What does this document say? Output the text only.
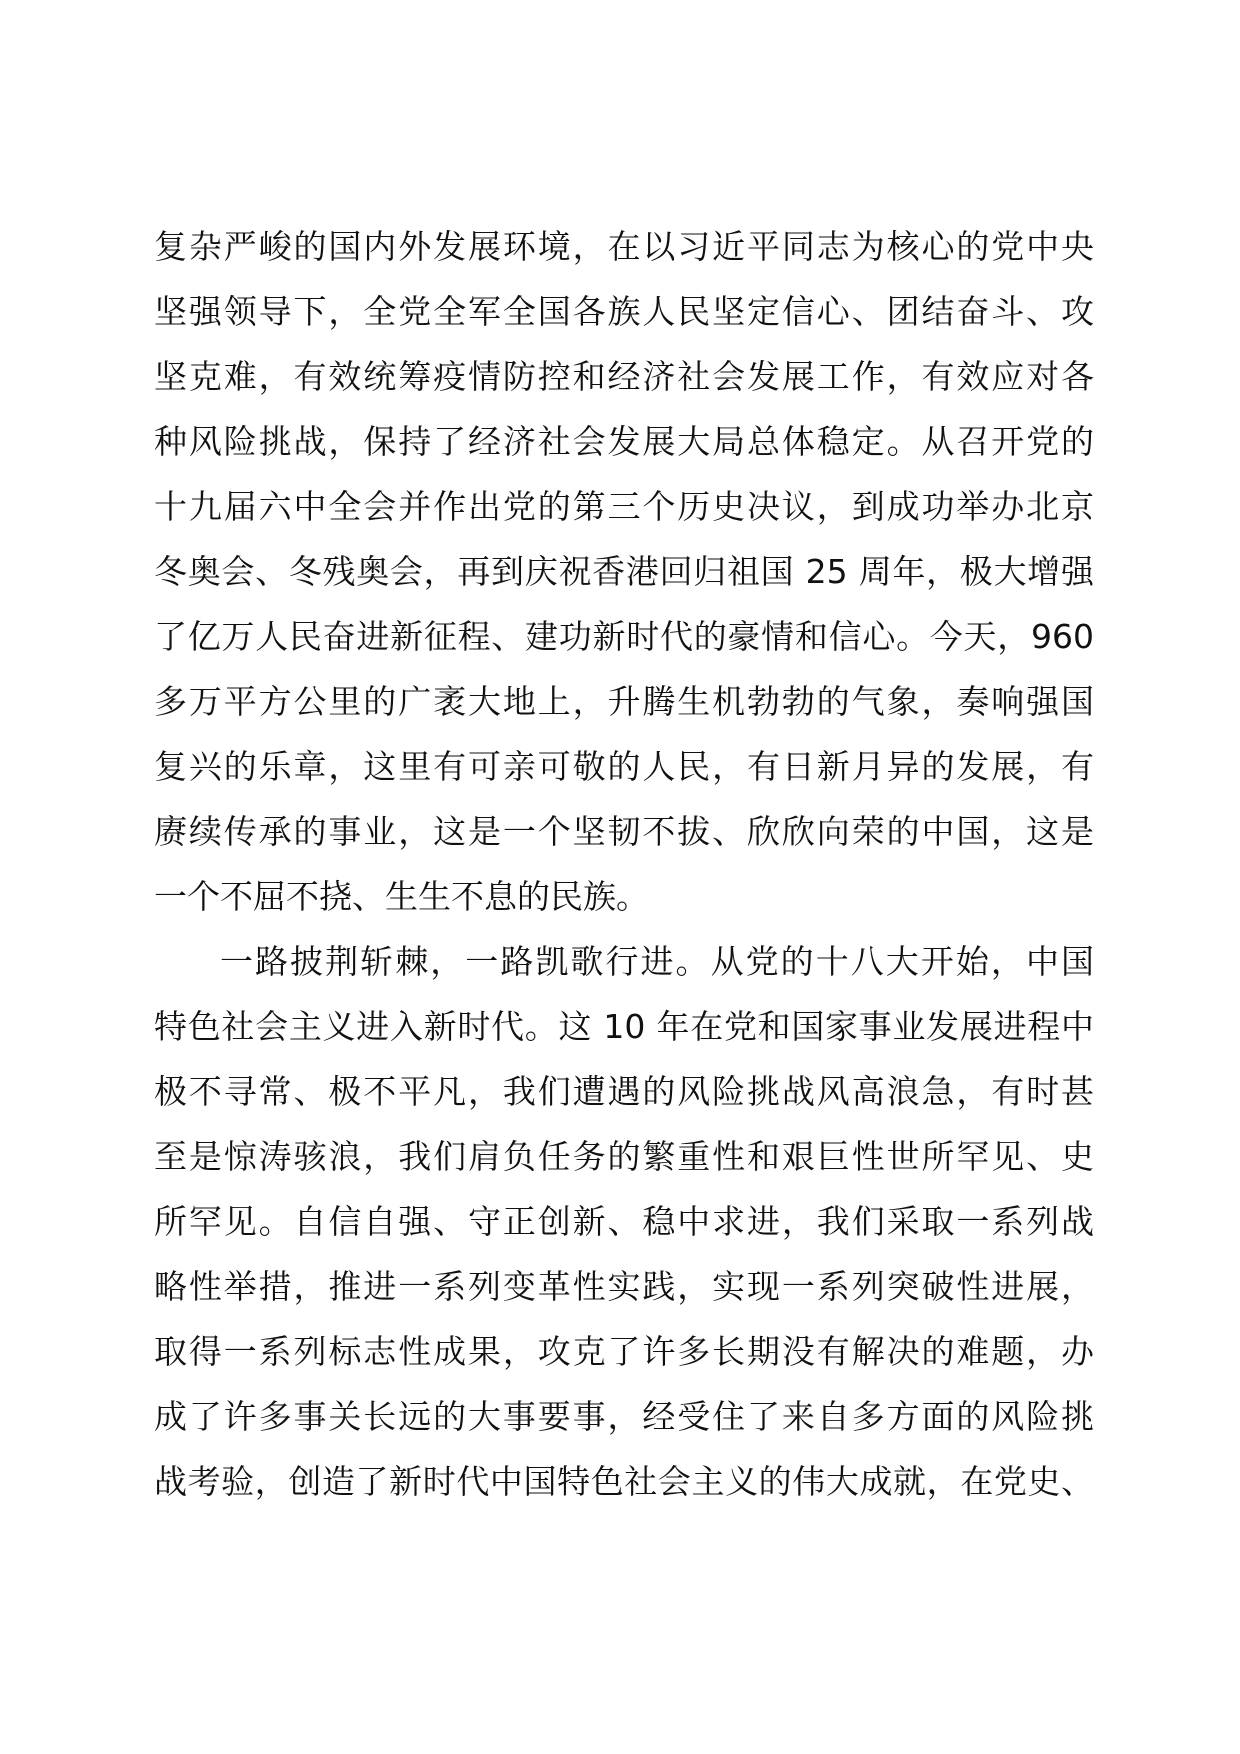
复杂严峻的国内外发展环境，在以习近平同志为核心的党中央
坚强领导下，全党全军全国各族人民坚定信心、团结奋斗、攻
坚克难，有效统筹疫情防控和经济社会发展工作，有效应对各
种风险挑战，保持了经济社会发展大局总体稳定。从召开党的
十九届六中全会并作出党的第三个历史决议，到成功举办北京
冬奥会、冬残奥会，再到庆祝香港回归祖国 25 周年，极大增强
了亿万人民奋进新征程、建功新时代的豪情和信心。今天，960
多万平方公里的广袤大地上，升腾生机勃勃的气象，奏响强国
复兴的乐章，这里有可亲可敬的人民，有日新月异的发展，有
赓续传承的事业，这是一个坚韧不拔、欣欣向荣的中国，这是
一个不屈不挠、生生不息的民族。
一路披荆斩棘，一路凯歌行进。从党的十八大开始，中国
特色社会主义进入新时代。这 10 年在党和国家事业发展进程中
极不寻常、极不平凡，我们遭遇的风险挑战风高浪急，有时甚
至是惊涛骇浪，我们肩负任务的繁重性和艰巨性世所罕见、史
所罕见。自信自强、守正创新、稳中求进，我们采取一系列战
略性举措，推进一系列变革性实践，实现一系列突破性进展，
取得一系列标志性成果，攻克了许多长期没有解决的难题，办
成了许多事关长远的大事要事，经受住了来自多方面的风险挑
战考验，创造了新时代中国特色社会主义的伟大成就，在党史、
